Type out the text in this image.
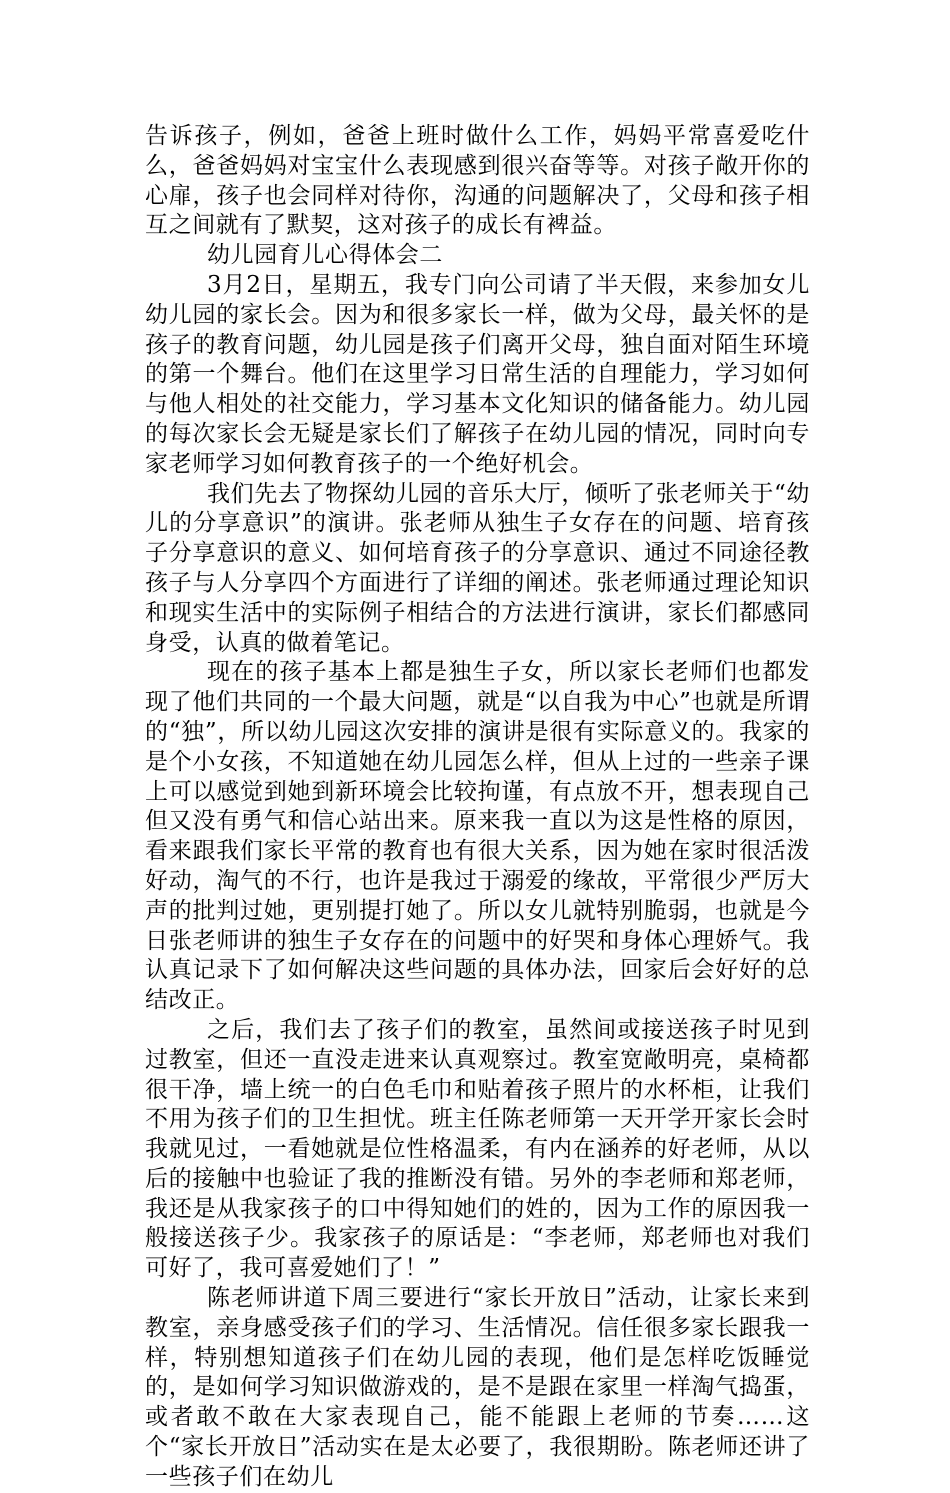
告诉孩子，例如，爸爸上班时做什么工作，妈妈平常喜爱吃什么，爸爸妈妈对宝宝什么表现感到很兴奋等等。对孩子敞开你的心扉，孩子也会同样对待你，沟通的问题解决了，父母和孩子相互之间就有了默契，这对孩子的成长有裨益。

幼儿园育儿心得体会二

3月2日，星期五，我专门向公司请了半天假，来参加女儿幼儿园的家长会。因为和很多家长一样，做为父母，最关怀的是孩子的教育问题，幼儿园是孩子们离开父母，独自面对陌生环境的第一个舞台。他们在这里学习日常生活的自理能力，学习如何与他人相处的社交能力，学习基本文化知识的储备能力。幼儿园的每次家长会无疑是家长们了解孩子在幼儿园的情况，同时向专家老师学习如何教育孩子的一个绝好机会。

我们先去了物探幼儿园的音乐大厅，倾听了张老师关于“幼儿的分享意识”的演讲。张老师从独生子女存在的问题、培育孩子分享意识的意义、如何培育孩子的分享意识、通过不同途径教孩子与人分享四个方面进行了详细的阐述。张老师通过理论知识和现实生活中的实际例子相结合的方法进行演讲，家长们都感同身受，认真的做着笔记。

现在的孩子基本上都是独生子女，所以家长老师们也都发现了他们共同的一个最大问题，就是“以自我为中心”也就是所谓的“独”，所以幼儿园这次安排的演讲是很有实际意义的。我家的是个小女孩，不知道她在幼儿园怎么样，但从上过的一些亲子课上可以感觉到她到新环境会比较拘谨，有点放不开，想表现自己但又没有勇气和信心站出来。原来我一直以为这是性格的原因，看来跟我们家长平常的教育也有很大关系，因为她在家时很活泼好动，淘气的不行，也许是我过于溺爱的缘故，平常很少严厉大声的批判过她，更别提打她了。所以女儿就特别脆弱，也就是今日张老师讲的独生子女存在的问题中的好哭和身体心理娇气。我认真记录下了如何解决这些问题的具体办法，回家后会好好的总结改正。

之后，我们去了孩子们的教室，虽然间或接送孩子时见到过教室，但还一直没走进来认真观察过。教室宽敞明亮，桌椅都很干净，墙上统一的白色毛巾和贴着孩子照片的水杯柜，让我们不用为孩子们的卫生担忧。班主任陈老师第一天开学开家长会时我就见过，一看她就是位性格温柔，有内在涵养的好老师，从以后的接触中也验证了我的推断没有错。另外的李老师和郑老师，我还是从我家孩子的口中得知她们的姓的，因为工作的原因我一般接送孩子少。我家孩子的原话是：“李老师，郑老师也对我们可好了，我可喜爱她们了！”

陈老师讲道下周三要进行“家长开放日”活动，让家长来到教室，亲身感受孩子们的学习、生活情况。信任很多家长跟我一样，特别想知道孩子们在幼儿园的表现，他们是怎样吃饭睡觉的，是如何学习知识做游戏的，是不是跟在家里一样淘气捣蛋，或者敢不敢在大家表现自己，能不能跟上老师的节奏……这个“家长开放日”活动实在是太必要了，我很期盼。陈老师还讲了一些孩子们在幼儿
